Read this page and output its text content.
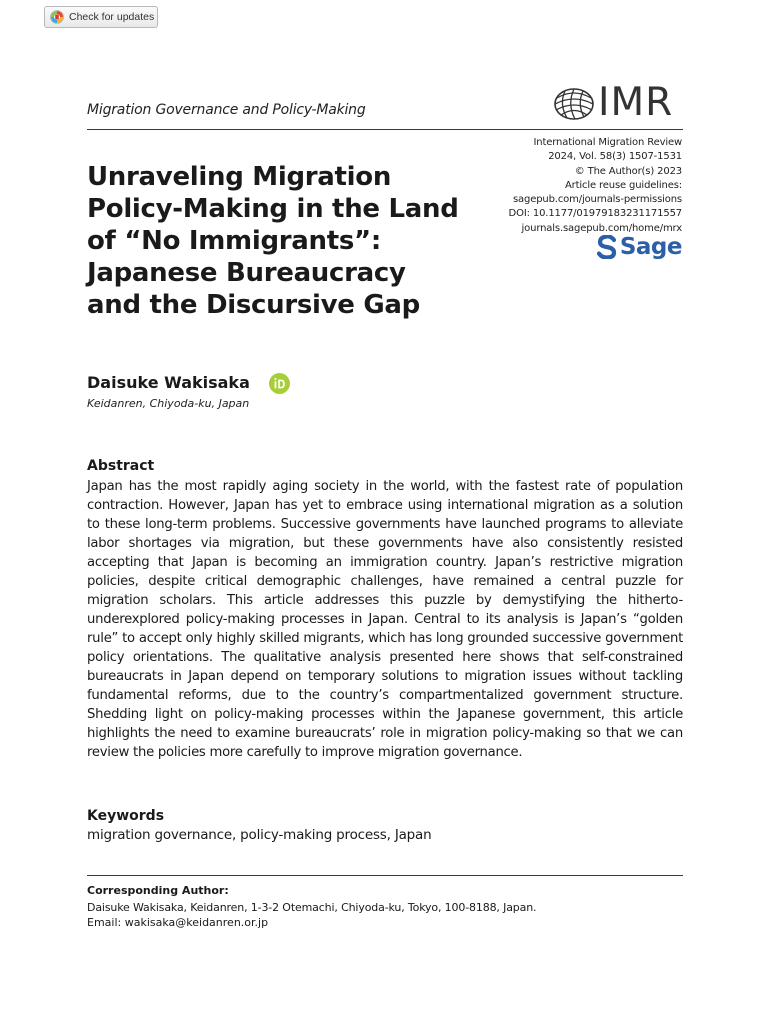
Check for updates
Migration Governance and Policy-Making	IMR
International Migration Review
2024, Vol. 58(3) 1507-1531
© The Author(s) 2023
Article reuse guidelines:
sagepub.com/journals-permissions
DOI: 10.1177/01979183231171557
journals.sagepub.com/home/mrx
Sage
Unraveling Migration
Policy-Making in the Land
of “No Immigrants”:
Japanese Bureaucracy
and the Discursive Gap
Daisuke Wakisaka
Keidanren, Chiyoda-ku, Japan
Abstract

Japan has the most rapidly aging society in the world, with the fastest rate of population contraction. However, Japan has yet to embrace using international migration as a solution to these long-term problems. Successive governments have launched programs to alleviate labor shortages via migration, but these governments have also consistently resisted accepting that Japan is becoming an immigration country. Japan’s restrictive migration policies, despite critical demographic challenges, have remained a central puzzle for migration scholars. This article addresses this puzzle by demystifying the hitherto-underexplored policy-making processes in Japan. Central to its analysis is Japan’s “golden rule” to accept only highly skilled migrants, which has long grounded successive government policy orientations. The qualitative analysis presented here shows that self-constrained bureaucrats in Japan depend on temporary solutions to migration issues without tackling fundamental reforms, due to the country’s compartmentalized government structure. Shedding light on policy-making processes within the Japanese government, this article highlights the need to examine bureaucrats’ role in migration policy-making so that we can review the policies more carefully to improve migration governance.

Keywords
migration governance, policy-making process, Japan
Corresponding Author:
Daisuke Wakisaka, Keidanren, 1-3-2 Otemachi, Chiyoda-ku, Tokyo, 100-8188, Japan.
Email: wakisaka@keidanren.or.jp
